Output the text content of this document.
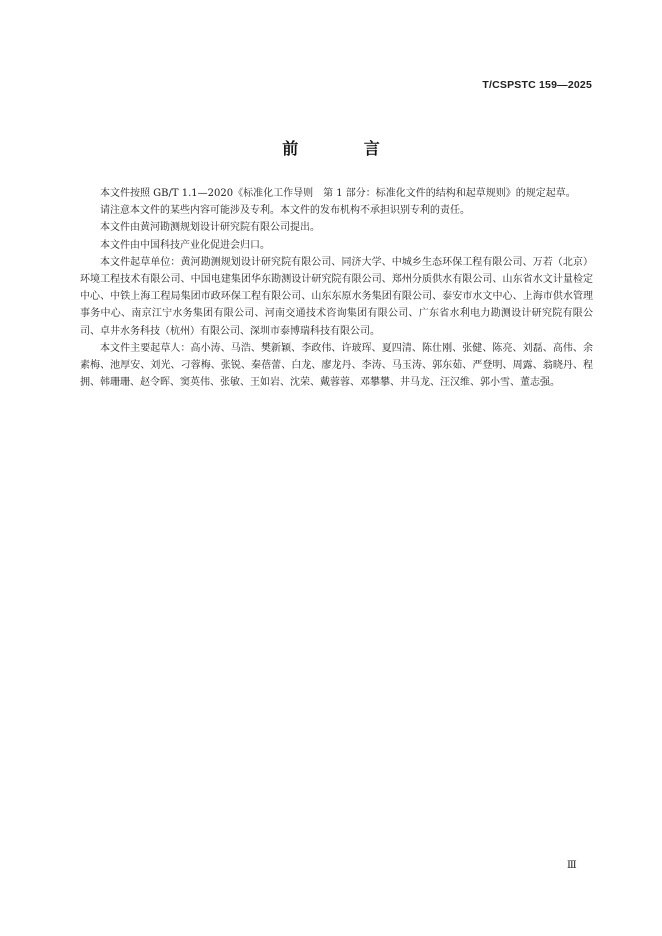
T/CSPSTC 159—2025
前 言

本文件按照 GB/T 1.1—2020《标准化工作导则　第 1 部分：标准化文件的结构和起草规则》的规定起草。

请注意本文件的某些内容可能涉及专利。本文件的发布机构不承担识别专利的责任。

本文件由黄河勘测规划设计研究院有限公司提出。

本文件由中国科技产业化促进会归口。

本文件起草单位：黄河勘测规划设计研究院有限公司、同济大学、中城乡生态环保工程有限公司、万若（北京）环境工程技术有限公司、中国电建集团华东勘测设计研究院有限公司、郑州分质供水有限公司、山东省水文计量检定中心、中铁上海工程局集团市政环保工程有限公司、山东东原水务集团有限公司、泰安市水文中心、上海市供水管理事务中心、南京江宁水务集团有限公司、河南交通技术咨询集团有限公司、广东省水利电力勘测设计研究院有限公司、卓井水务科技（杭州）有限公司、深圳市泰博瑞科技有限公司。

本文件主要起草人：高小涛、马浩、樊新颖、李政伟、许玻珲、夏四清、陈仕刚、张健、陈亮、刘磊、高伟、余素梅、池厚安、刘光、刁蓉梅、张锐、秦蓓蕾、白龙、廖龙丹、李涛、马玉涛、郭东茹、严登明、周露、翁晓丹、程拥、韩珊珊、赵令晖、窦英伟、张敏、王如岩、沈荣、戴蓉蓉、邓攀攀、井马龙、汪汉维、郭小雪、董志强。

Ⅲ
